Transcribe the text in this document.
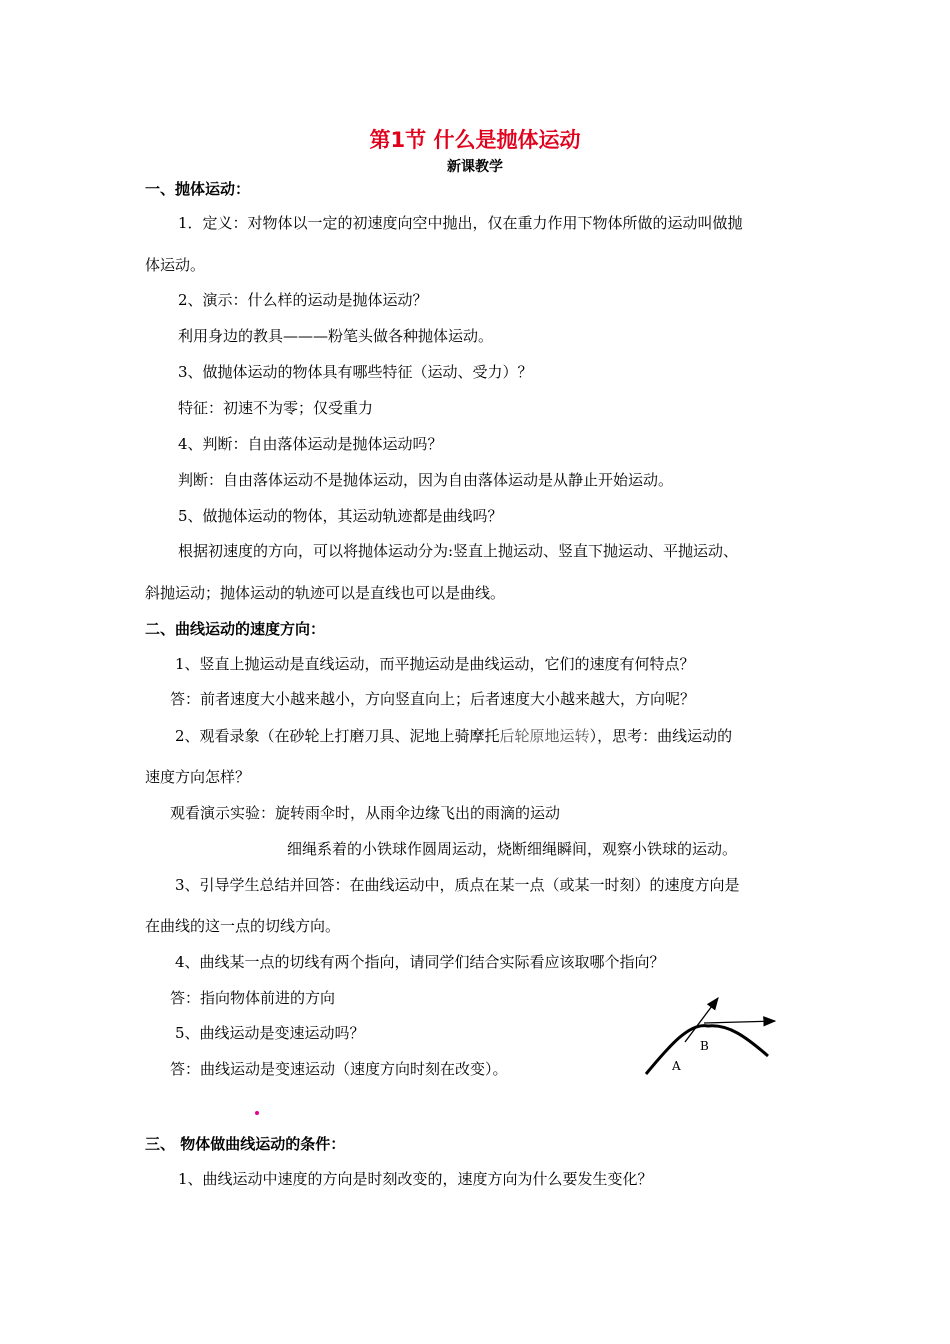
第1节 什么是抛体运动
新课教学
一、抛体运动：
1．定义：对物体以一定的初速度向空中抛出，仅在重力作用下物体所做的运动叫做抛
体运动。
2、演示：什么样的运动是抛体运动？
利用身边的教具———粉笔头做各种抛体运动。
3、做抛体运动的物体具有哪些特征（运动、受力）？
特征：初速不为零；仅受重力
4、判断：自由落体运动是抛体运动吗？
判断：自由落体运动不是抛体运动，因为自由落体运动是从静止开始运动。
5、做抛体运动的物体，其运动轨迹都是曲线吗？
根据初速度的方向，可以将抛体运动分为:竖直上抛运动、竖直下抛运动、平抛运动、
斜抛运动；抛体运动的轨迹可以是直线也可以是曲线。
二、曲线运动的速度方向：
1、竖直上抛运动是直线运动，而平抛运动是曲线运动，它们的速度有何特点？
答：前者速度大小越来越小，方向竖直向上；后者速度大小越来越大，方向呢？
2、观看录象（在砂轮上打磨刀具、泥地上骑摩托后轮原地运转），思考：曲线运动的
速度方向怎样？
观看演示实验：旋转雨伞时，从雨伞边缘飞出的雨滴的运动
细绳系着的小铁球作圆周运动，烧断细绳瞬间，观察小铁球的运动。
3、引导学生总结并回答：在曲线运动中，质点在某一点（或某一时刻）的速度方向是
在曲线的这一点的切线方向。
4、曲线某一点的切线有两个指向，请同学们结合实际看应该取哪个指向？
答：指向物体前进的方向
5、曲线运动是变速运动吗？
答：曲线运动是变速运动（速度方向时刻在改变）。	A
B
三、 物体做曲线运动的条件：
1、曲线运动中速度的方向是时刻改变的，速度方向为什么要发生变化？
